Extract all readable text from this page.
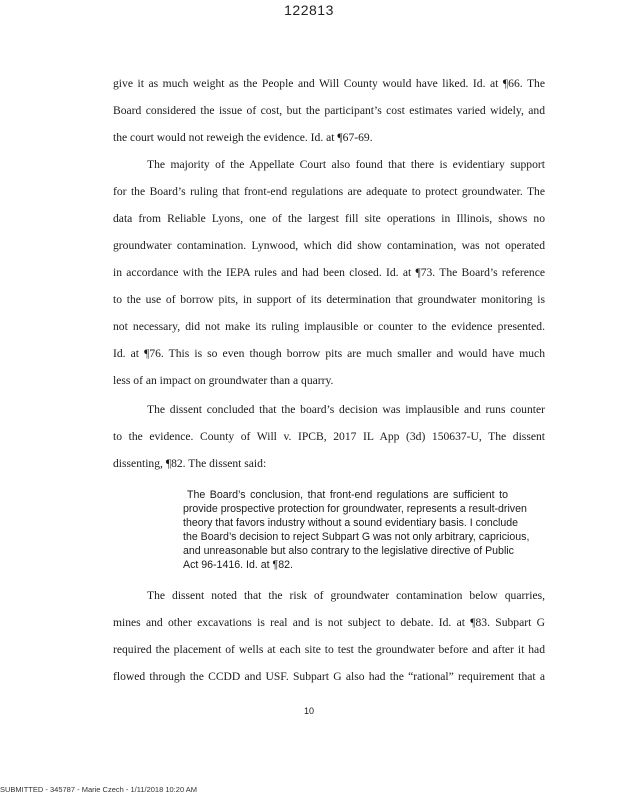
122813
give it as much weight as the People and Will County would have liked. Id. at ¶66. The
Board considered the issue of cost, but the participant’s cost estimates varied widely, and
the court would not reweigh the evidence. Id. at ¶67-69.
The majority of the Appellate Court also found that there is evidentiary support
for the Board’s ruling that front-end regulations are adequate to protect groundwater. The
data from Reliable Lyons, one of the largest fill site operations in Illinois, shows no
groundwater contamination. Lynwood, which did show contamination, was not operated
in accordance with the IEPA rules and had been closed. Id. at ¶73. The Board’s reference
to the use of borrow pits, in support of its determination that groundwater monitoring is
not necessary, did not make its ruling implausible or counter to the evidence presented.
Id. at ¶76. This is so even though borrow pits are much smaller and would have much
less of an impact on groundwater than a quarry.
The dissent concluded that the board’s decision was implausible and runs counter
to the evidence. County of Will v. IPCB, 2017 IL App (3d) 150637-U, The dissent
dissenting, ¶82. The dissent said:
The Board’s conclusion, that front-end regulations are sufficient to
provide prospective protection for groundwater, represents a result-driven
theory that favors industry without a sound evidentiary basis. I conclude
the Board’s decision to reject Subpart G was not only arbitrary, capricious,
and unreasonable but also contrary to the legislative directive of Public
Act 96-1416. Id. at ¶82.
The dissent noted that the risk of groundwater contamination below quarries,
mines and other excavations is real and is not subject to debate. Id. at ¶83. Subpart G
required the placement of wells at each site to test the groundwater before and after it had
flowed through the CCDD and USF. Subpart G also had the “rational” requirement that a
10
SUBMITTED - 345787 - Marie Czech - 1/11/2018 10:20 AM
